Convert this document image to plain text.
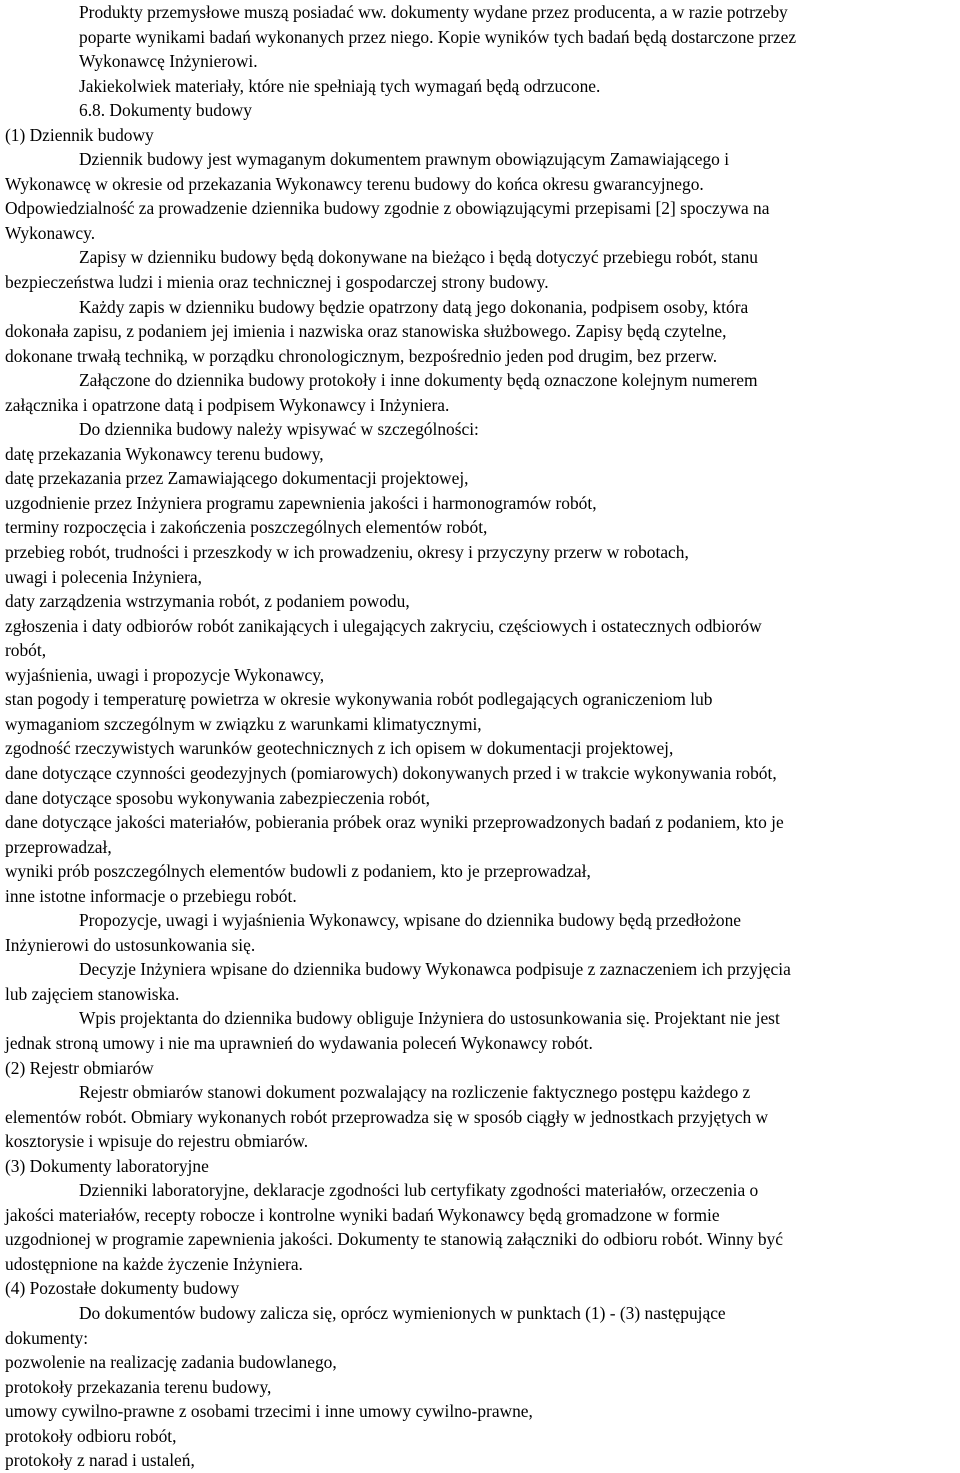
Produkty przemysłowe muszą posiadać ww. dokumenty wydane przez producenta, a w razie potrzeby
poparte wynikami badań wykonanych przez niego. Kopie wyników tych badań będą dostarczone przez
Wykonawcę Inżynierowi.
Jakiekolwiek materiały, które nie spełniają tych wymagań będą odrzucone.
6.8. Dokumenty budowy
(1) Dziennik budowy
Dziennik budowy jest wymaganym dokumentem prawnym obowiązującym Zamawiającego i
Wykonawcę w okresie od przekazania Wykonawcy terenu budowy do końca okresu gwarancyjnego.
Odpowiedzialność za prowadzenie dziennika budowy zgodnie z obowiązującymi przepisami [2] spoczywa na
Wykonawcy.
Zapisy w dzienniku budowy będą dokonywane na bieżąco i będą dotyczyć przebiegu robót, stanu
bezpieczeństwa ludzi i mienia oraz technicznej i gospodarczej strony budowy.
Każdy zapis w dzienniku budowy będzie opatrzony datą jego dokonania, podpisem osoby, która
dokonała zapisu, z podaniem jej imienia i nazwiska oraz stanowiska służbowego. Zapisy będą czytelne,
dokonane trwałą techniką, w porządku chronologicznym, bezpośrednio jeden pod drugim, bez przerw.
Załączone do dziennika budowy protokoły i inne dokumenty będą oznaczone kolejnym numerem
załącznika i opatrzone datą i podpisem Wykonawcy i Inżyniera.
Do dziennika budowy należy wpisywać w szczególności:
datę przekazania Wykonawcy terenu budowy,
datę przekazania przez Zamawiającego dokumentacji projektowej,
uzgodnienie przez Inżyniera programu zapewnienia jakości i harmonogramów robót,
terminy rozpoczęcia i zakończenia poszczególnych elementów robót,
przebieg robót, trudności i przeszkody w ich prowadzeniu, okresy i przyczyny przerw w robotach,
uwagi i polecenia Inżyniera,
daty zarządzenia wstrzymania robót, z podaniem powodu,
zgłoszenia i daty odbiorów robót zanikających i ulegających zakryciu, częściowych i ostatecznych odbiorów
robót,
wyjaśnienia, uwagi i propozycje Wykonawcy,
stan pogody i temperaturę powietrza w okresie wykonywania robót podlegających ograniczeniom lub
wymaganiom szczególnym w związku z warunkami klimatycznymi,
zgodność rzeczywistych warunków geotechnicznych z ich opisem w dokumentacji projektowej,
dane dotyczące czynności geodezyjnych (pomiarowych) dokonywanych przed i w trakcie wykonywania robót,
dane dotyczące sposobu wykonywania zabezpieczenia robót,
dane dotyczące jakości materiałów, pobierania próbek oraz wyniki przeprowadzonych badań z podaniem, kto je
przeprowadzał,
wyniki prób poszczególnych elementów budowli z podaniem, kto je przeprowadzał,
inne istotne informacje o przebiegu robót.
Propozycje, uwagi i wyjaśnienia Wykonawcy, wpisane do dziennika budowy będą przedłożone
Inżynierowi do ustosunkowania się.
Decyzje Inżyniera wpisane do dziennika budowy Wykonawca podpisuje z zaznaczeniem ich przyjęcia
lub zajęciem stanowiska.
Wpis projektanta do dziennika budowy obliguje Inżyniera do ustosunkowania się. Projektant nie jest
jednak stroną umowy i nie ma uprawnień do wydawania poleceń Wykonawcy robót.
(2) Rejestr obmiarów
Rejestr obmiarów stanowi dokument pozwalający na rozliczenie faktycznego postępu każdego z
elementów robót. Obmiary wykonanych robót przeprowadza się w sposób ciągły w jednostkach przyjętych w
kosztorysie i wpisuje do rejestru obmiarów.
(3) Dokumenty laboratoryjne
Dzienniki laboratoryjne, deklaracje zgodności lub certyfikaty zgodności materiałów, orzeczenia o
jakości materiałów, recepty robocze i kontrolne wyniki badań Wykonawcy będą gromadzone w formie
uzgodnionej w programie zapewnienia jakości. Dokumenty te stanowią załączniki do odbioru robót. Winny być
udostępnione na każde życzenie Inżyniera.
(4) Pozostałe dokumenty budowy
Do dokumentów budowy zalicza się, oprócz wymienionych w punktach (1) - (3) następujące
dokumenty:
pozwolenie na realizację zadania budowlanego,
protokoły przekazania terenu budowy,
umowy cywilno-prawne z osobami trzecimi i inne umowy cywilno-prawne,
protokoły odbioru robót,
protokoły z narad i ustaleń,
